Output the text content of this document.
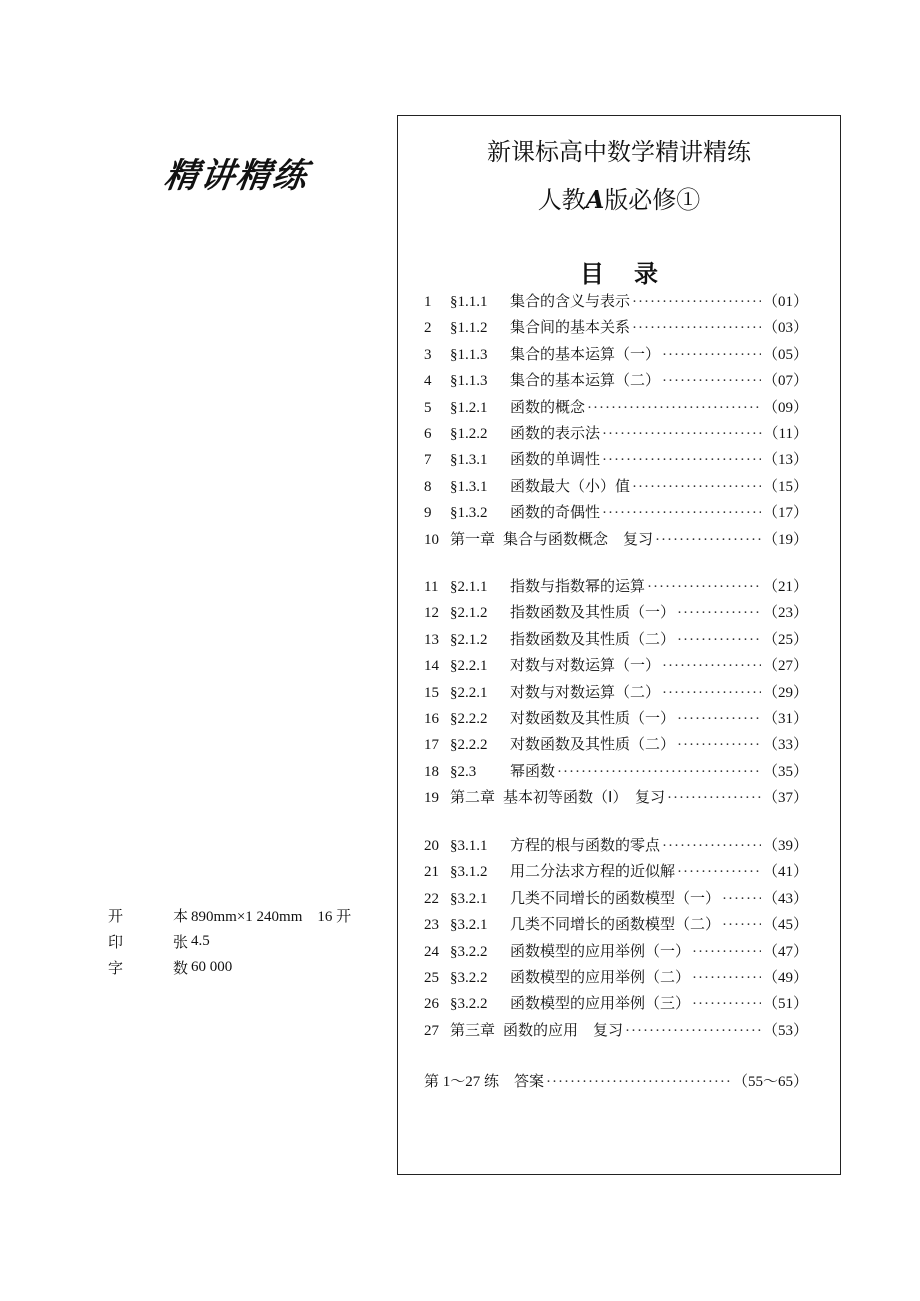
精讲精练
开	本 890mm×1 240mm　16 开
印	张 4.5
字	数 60 000
新课标高中数学精讲精练
人教A版必修①
目录
1	§1.1.1	集合的含义与表示 ·····	（01）
2	§1.1.2	集合间的基本关系 ·····	（03）
3	§1.1.3	集合的基本运算（一） ·····	（05）
4	§1.1.3	集合的基本运算（二） ·····	（07）
5	§1.2.1	函数的概念 ·····	（09）
6	§1.2.2	函数的表示法 ·····	（11）
7	§1.3.1	函数的单调性 ·····	（13）
8	§1.3.1	函数最大（小）值 ·····	（15）
9	§1.3.2	函数的奇偶性 ·····	（17）
10 第一章 集合与函数概念　复习 ·····	（19）
11 §2.1.1	指数与指数幂的运算 ·····	（21）
12 §2.1.2	指数函数及其性质（一） ·····	（23）
13 §2.1.2	指数函数及其性质（二） ·····	（25）
14 §2.2.1	对数与对数运算（一） ·····	（27）
15 §2.2.1	对数与对数运算（二） ·····	（29）
16 §2.2.2	对数函数及其性质（一） ·····	（31）
17 §2.2.2	对数函数及其性质（二） ·····	（33）
18 §2.3	幂函数 ·····	（35）
19 第二章 基本初等函数（Ⅰ）　复习 ·····	（37）
20 §3.1.1	方程的根与函数的零点 ·····	（39）
21 §3.1.2	用二分法求方程的近似解 ·····	（41）
22 §3.2.1	几类不同增长的函数模型（一） ·····	（43）
23 §3.2.1	几类不同增长的函数模型（二） ·····	（45）
24 §3.2.2	函数模型的应用举例（一） ·····	（47）
25 §3.2.2	函数模型的应用举例（二） ·····	（49）
26 §3.2.2	函数模型的应用举例（三） ·····	（51）
27 第三章 函数的应用　复习 ·····	（53）
第 1～27 练　答案 ·····	（55～65）
